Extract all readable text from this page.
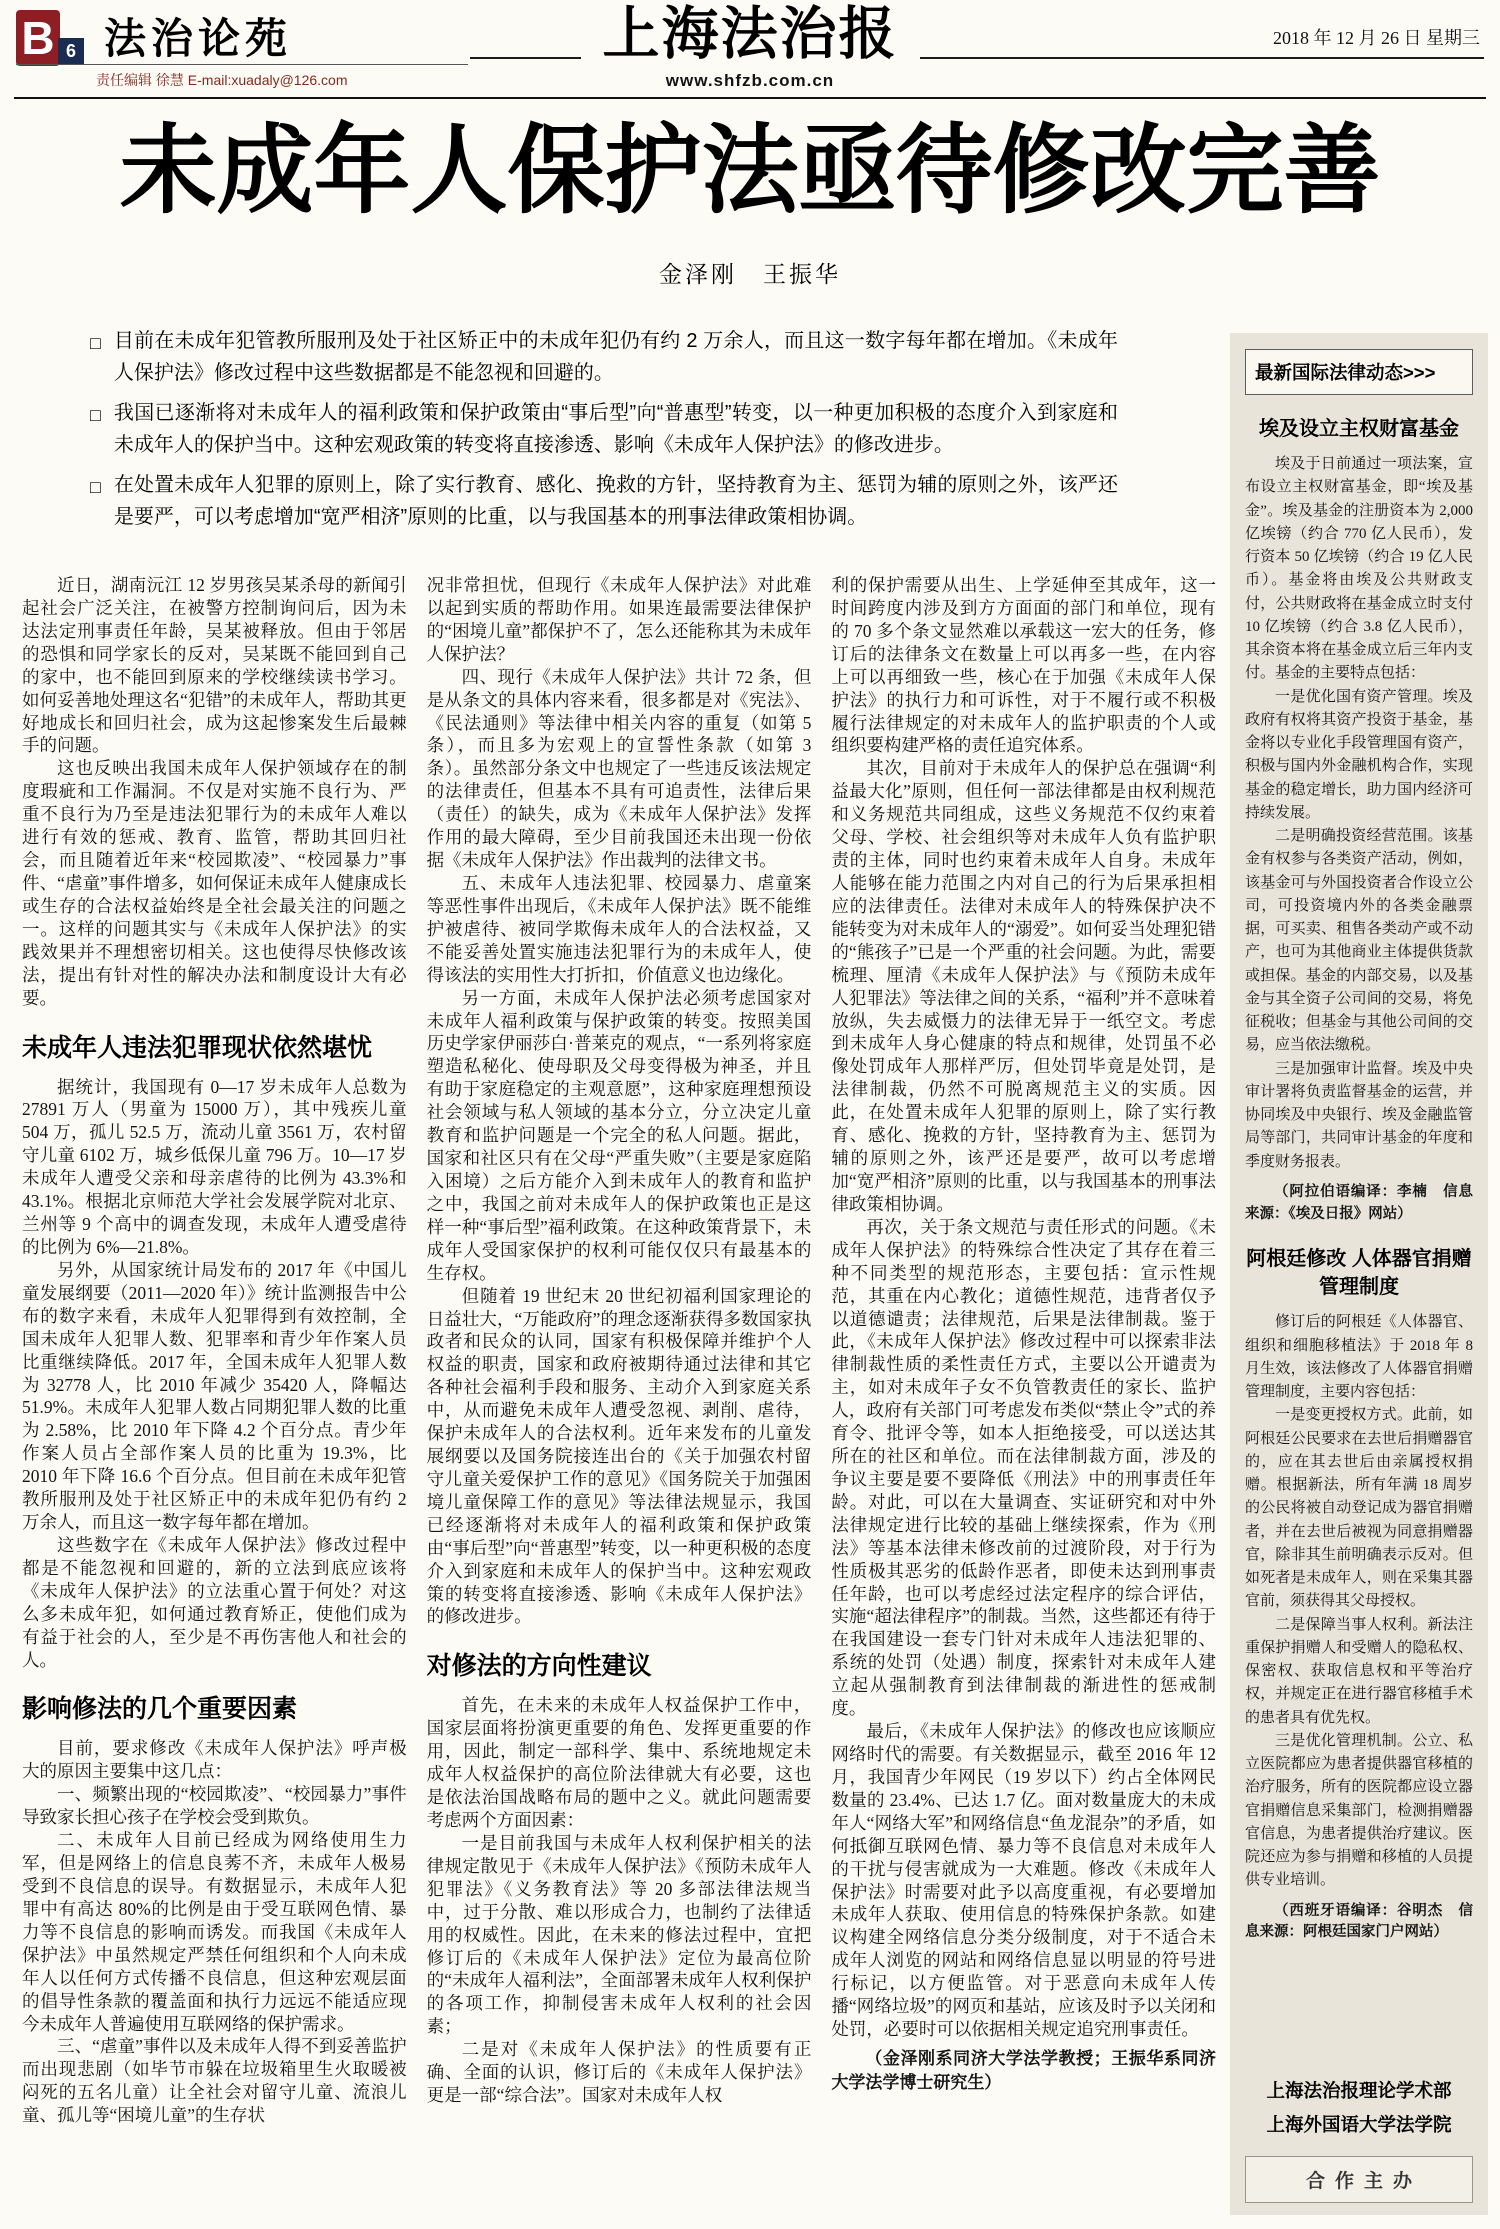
B 6 法治论苑
责任编辑 徐慧 E-mail:xuadaly@126.com
上海法治报
www.shfzb.com.cn
2018 年 12 月 26 日 星期三
未成年人保护法亟待修改完善
金泽刚　王振华
□ 目前在未成年犯管教所服刑及处于社区矫正中的未成年犯仍有约 2 万余人，而且这一数字每年都在增加。《未成年人保护法》修改过程中这些数据都是不能忽视和回避的。
□ 我国已逐渐将对未成年人的福利政策和保护政策由“事后型”向“普惠型”转变，以一种更加积极的态度介入到家庭和未成年人的保护当中。这种宏观政策的转变将直接渗透、影响《未成年人保护法》的修改进步。
□ 在处置未成年人犯罪的原则上，除了实行教育、感化、挽救的方针，坚持教育为主、惩罚为辅的原则之外，该严还是要严，可以考虑增加“宽严相济”原则的比重，以与我国基本的刑事法律政策相协调。

近日，湖南沅江 12 岁男孩吴某杀母的新闻引起社会广泛关注，在被警方控制询问后，因为未达法定刑事责任年龄，吴某被释放。但由于邻居的恐惧和同学家长的反对，吴某既不能回到自己的家中，也不能回到原来的学校继续读书学习。如何妥善地处理这名“犯错”的未成年人，帮助其更好地成长和回归社会，成为这起惨案发生后最棘手的问题。

这也反映出我国未成年人保护领域存在的制度瑕疵和工作漏洞。不仅是对实施不良行为、严重不良行为乃至是违法犯罪行为的未成年人难以进行有效的惩戒、教育、监管，帮助其回归社会，而且随着近年来“校园欺凌”、“校园暴力”事件、“虐童”事件增多，如何保证未成年人健康成长或生存的合法权益始终是全社会最关注的问题之一。这样的问题其实与《未成年人保护法》的实践效果并不理想密切相关。这也使得尽快修改该法，提出有针对性的解决办法和制度设计大有必要。

未成年人违法犯罪现状依然堪忧

据统计，我国现有 0—17 岁未成年人总数为 27891 万人（男童为 15000 万），其中残疾儿童 504 万，孤儿 52.5 万，流动儿童 3561 万，农村留守儿童 6102 万，城乡低保儿童 796 万。10—17 岁未成年人遭受父亲和母亲虐待的比例为 43.3%和 43.1%。根据北京师范大学社会发展学院对北京、兰州等 9 个高中的调查发现，未成年人遭受虐待的比例为 6%—21.8%。

另外，从国家统计局发布的 2017 年《中国儿童发展纲要（2011—2020 年）》统计监测报告中公布的数字来看，未成年人犯罪得到有效控制，全国未成年人犯罪人数、犯罪率和青少年作案人员比重继续降低。2017 年，全国未成年人犯罪人数为 32778 人，比 2010 年减少 35420 人，降幅达 51.9%。未成年人犯罪人数占同期犯罪人数的比重为 2.58%，比 2010 年下降 4.2 个百分点。青少年作案人员占全部作案人员的比重为 19.3%，比 2010 年下降 16.6 个百分点。但目前在未成年犯管教所服刑及处于社区矫正中的未成年犯仍有约 2 万余人，而且这一数字每年都在增加。

这些数字在《未成年人保护法》修改过程中都是不能忽视和回避的，新的立法到底应该将《未成年人保护法》的立法重心置于何处？对这么多未成年犯，如何通过教育矫正，使他们成为有益于社会的人，至少是不再伤害他人和社会的人。

影响修法的几个重要因素

目前，要求修改《未成年人保护法》呼声极大的原因主要集中这几点：

一、频繁出现的“校园欺凌”、“校园暴力”事件导致家长担心孩子在学校会受到欺负。

二、未成年人目前已经成为网络使用生力军，但是网络上的信息良莠不齐，未成年人极易受到不良信息的误导。有数据显示，未成年人犯罪中有高达 80%的比例是由于受互联网色情、暴力等不良信息的影响而诱发。而我国《未成年人保护法》中虽然规定严禁任何组织和个人向未成年人以任何方式传播不良信息，但这种宏观层面的倡导性条款的覆盖面和执行力远远不能适应现今未成年人普遍使用互联网络的保护需求。

三、“虐童”事件以及未成年人得不到妥善监护而出现悲剧（如毕节市躲在垃圾箱里生火取暖被闷死的五名儿童）让全社会对留守儿童、流浪儿童、孤儿等“困境儿童”的生存状

况非常担忧，但现行《未成年人保护法》对此难以起到实质的帮助作用。如果连最需要法律保护的“困境儿童”都保护不了，怎么还能称其为未成年人保护法？

四、现行《未成年人保护法》共计 72 条，但是从条文的具体内容来看，很多都是对《宪法》、《民法通则》等法律中相关内容的重复（如第 5 条），而且多为宏观上的宣誓性条款（如第 3 条）。虽然部分条文中也规定了一些违反该法规定的法律责任，但基本不具有可追责性，法律后果（责任）的缺失，成为《未成年人保护法》发挥作用的最大障碍，至少目前我国还未出现一份依据《未成年人保护法》作出裁判的法律文书。

五、未成年人违法犯罪、校园暴力、虐童案等恶性事件出现后，《未成年人保护法》既不能维护被虐待、被同学欺侮未成年人的合法权益，又不能妥善处置实施违法犯罪行为的未成年人，使得该法的实用性大打折扣，价值意义也边缘化。

另一方面，未成年人保护法必须考虑国家对未成年人福利政策与保护政策的转变。按照美国历史学家伊丽莎白·普莱克的观点，“一系列将家庭塑造私秘化、使母职及父母变得极为神圣，并且有助于家庭稳定的主观意愿”，这种家庭理想预设社会领域与私人领域的基本分立，分立决定儿童教育和监护问题是一个完全的私人问题。据此，国家和社区只有在父母“严重失败”（主要是家庭陷入困境）之后方能介入到未成年人的教育和监护之中，我国之前对未成年人的保护政策也正是这样一种“事后型”福利政策。在这种政策背景下，未成年人受国家保护的权利可能仅仅只有最基本的生存权。

但随着 19 世纪末 20 世纪初福利国家理论的日益壮大，“万能政府”的理念逐渐获得多数国家执政者和民众的认同，国家有积极保障并维护个人权益的职责，国家和政府被期待通过法律和其它各种社会福利手段和服务、主动介入到家庭关系中，从而避免未成年人遭受忽视、剥削、虐待，保护未成年人的合法权利。近年来发布的儿童发展纲要以及国务院接连出台的《关于加强农村留守儿童关爱保护工作的意见》《国务院关于加强困境儿童保障工作的意见》等法律法规显示，我国已经逐渐将对未成年人的福利政策和保护政策由“事后型”向“普惠型”转变，以一种更积极的态度介入到家庭和未成年人的保护当中。这种宏观政策的转变将直接渗透、影响《未成年人保护法》的修改进步。

对修法的方向性建议

首先，在未来的未成年人权益保护工作中，国家层面将扮演更重要的角色、发挥更重要的作用，因此，制定一部科学、集中、系统地规定未成年人权益保护的高位阶法律就大有必要，这也是依法治国战略布局的题中之义。就此问题需要考虑两个方面因素：

一是目前我国与未成年人权利保护相关的法律规定散见于《未成年人保护法》《预防未成年人犯罪法》《义务教育法》等 20 多部法律法规当中，过于分散、难以形成合力，也制约了法律适用的权威性。因此，在未来的修法过程中，宜把修订后的《未成年人保护法》定位为最高位阶的“未成年人福利法”，全面部署未成年人权利保护的各项工作，抑制侵害未成年人权利的社会因素；

二是对《未成年人保护法》的性质要有正确、全面的认识，修订后的《未成年人保护法》更是一部“综合法”。国家对未成年人权

利的保护需要从出生、上学延伸至其成年，这一时间跨度内涉及到方方面面的部门和单位，现有的 70 多个条文显然难以承载这一宏大的任务，修订后的法律条文在数量上可以再多一些，在内容上可以再细致一些，核心在于加强《未成年人保护法》的执行力和可诉性，对于不履行或不积极履行法律规定的对未成年人的监护职责的个人或组织要构建严格的责任追究体系。

其次，目前对于未成年人的保护总在强调“利益最大化”原则，但任何一部法律都是由权利规范和义务规范共同组成，这些义务规范不仅约束着父母、学校、社会组织等对未成年人负有监护职责的主体，同时也约束着未成年人自身。未成年人能够在能力范围之内对自己的行为后果承担相应的法律责任。法律对未成年人的特殊保护决不能转变为对未成年人的“溺爱”。如何妥当处理犯错的“熊孩子”已是一个严重的社会问题。为此，需要梳理、厘清《未成年人保护法》与《预防未成年人犯罪法》等法律之间的关系，“福利”并不意味着放纵，失去威慑力的法律无异于一纸空文。考虑到未成年人身心健康的特点和规律，处罚虽不必像处罚成年人那样严厉，但处罚毕竟是处罚，是法律制裁，仍然不可脱离规范主义的实质。因此，在处置未成年人犯罪的原则上，除了实行教育、感化、挽救的方针，坚持教育为主、惩罚为辅的原则之外，该严还是要严，故可以考虑增加“宽严相济”原则的比重，以与我国基本的刑事法律政策相协调。

再次，关于条文规范与责任形式的问题。《未成年人保护法》的特殊综合性决定了其存在着三种不同类型的规范形态，主要包括：宣示性规范，其重在内心教化；道德性规范，违背者仅予以道德谴责；法律规范，后果是法律制裁。鉴于此，《未成年人保护法》修改过程中可以探索非法律制裁性质的柔性责任方式，主要以公开谴责为主，如对未成年子女不负管教责任的家长、监护人，政府有关部门可考虑发布类似“禁止令”式的养育令、批评令等，如本人拒绝接受，可以送达其所在的社区和单位。而在法律制裁方面，涉及的争议主要是要不要降低《刑法》中的刑事责任年龄。对此，可以在大量调查、实证研究和对中外法律规定进行比较的基础上继续探索，作为《刑法》等基本法律未修改前的过渡阶段，对于行为性质极其恶劣的低龄作恶者，即使未达到刑事责任年龄，也可以考虑经过法定程序的综合评估，实施“超法律程序”的制裁。当然，这些都还有待于在我国建设一套专门针对未成年人违法犯罪的、系统的处罚（处遇）制度，探索针对未成年人建立起从强制教育到法律制裁的渐进性的惩戒制度。

最后，《未成年人保护法》的修改也应该顺应网络时代的需要。有关数据显示，截至 2016 年 12 月，我国青少年网民（19 岁以下）约占全体网民数量的 23.4%、已达 1.7 亿。面对数量庞大的未成年人“网络大军”和网络信息“鱼龙混杂”的矛盾，如何抵御互联网色情、暴力等不良信息对未成年人的干扰与侵害就成为一大难题。修改《未成年人保护法》时需要对此予以高度重视，有必要增加未成年人获取、使用信息的特殊保护条款。如建议构建全网络信息分类分级制度，对于不适合未成年人浏览的网站和网络信息显以明显的符号进行标记，以方便监管。对于恶意向未成年人传播“网络垃圾”的网页和基站，应该及时予以关闭和处罚，必要时可以依据相关规定追究刑事责任。

（金泽刚系同济大学法学教授；王振华系同济大学法学博士研究生）

最新国际法律动态>>>
埃及设立主权财富基金

埃及于日前通过一项法案，宣布设立主权财富基金，即“埃及基金”。埃及基金的注册资本为 2,000 亿埃镑（约合 770 亿人民币），发行资本 50 亿埃镑（约合 19 亿人民币）。基金将由埃及公共财政支付，公共财政将在基金成立时支付 10 亿埃镑（约合 3.8 亿人民币），其余资本将在基金成立后三年内支付。基金的主要特点包括：

一是优化国有资产管理。埃及政府有权将其资产投资于基金，基金将以专业化手段管理国有资产，积极与国内外金融机构合作，实现基金的稳定增长，助力国内经济可持续发展。

二是明确投资经营范围。该基金有权参与各类资产活动，例如，该基金可与外国投资者合作设立公司，可投资境内外的各类金融票据，可买卖、租售各类动产或不动产，也可为其他商业主体提供货款或担保。基金的内部交易，以及基金与其全资子公司间的交易，将免征税收；但基金与其他公司间的交易，应当依法缴税。

三是加强审计监督。埃及中央审计署将负责监督基金的运营，并协同埃及中央银行、埃及金融监管局等部门，共同审计基金的年度和季度财务报表。

（阿拉伯语编译：李楠　信息来源：《埃及日报》网站）

阿根廷修改 人体器官捐赠管理制度

修订后的阿根廷《人体器官、组织和细胞移植法》于 2018 年 8 月生效，该法修改了人体器官捐赠管理制度，主要内容包括：

一是变更授权方式。此前，如阿根廷公民要求在去世后捐赠器官的，应在其去世后由亲属授权捐赠。根据新法，所有年满 18 周岁的公民将被自动登记成为器官捐赠者，并在去世后被视为同意捐赠器官，除非其生前明确表示反对。但如死者是未成年人，则在采集其器官前，须获得其父母授权。

二是保障当事人权利。新法注重保护捐赠人和受赠人的隐私权、保密权、获取信息权和平等治疗权，并规定正在进行器官移植手术的患者具有优先权。

三是优化管理机制。公立、私立医院都应为患者提供器官移植的治疗服务，所有的医院都应设立器官捐赠信息采集部门，检测捐赠器官信息，为患者提供治疗建议。医院还应为参与捐赠和移植的人员提供专业培训。

（西班牙语编译：谷明杰　信息来源：阿根廷国家门户网站）

上海法治报理论学术部
上海外国语大学法学院
合作主办
